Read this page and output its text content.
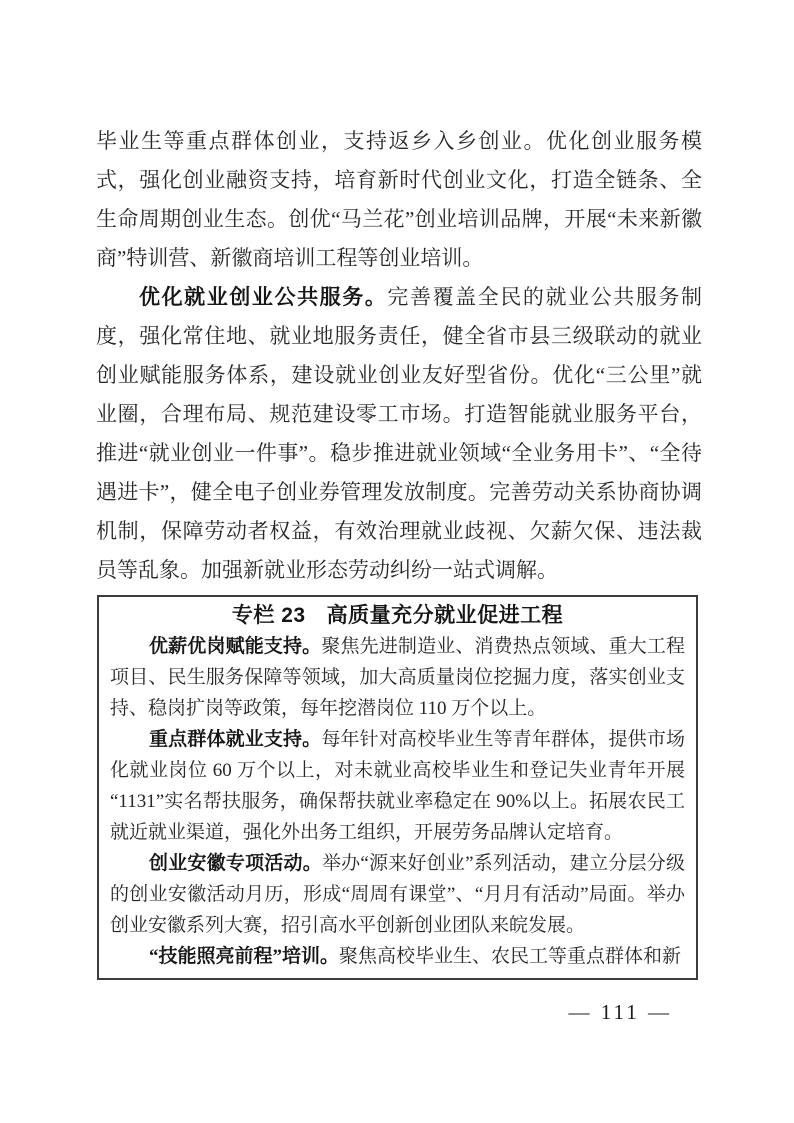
毕业生等重点群体创业，支持返乡入乡创业。优化创业服务模式，强化创业融资支持，培育新时代创业文化，打造全链条、全生命周期创业生态。创优“马兰花”创业培训品牌，开展“未来新徽商”特训营、新徽商培训工程等创业培训。

优化就业创业公共服务。完善覆盖全民的就业公共服务制度，强化常住地、就业地服务责任，健全省市县三级联动的就业创业赋能服务体系，建设就业创业友好型省份。优化“三公里”就业圈，合理布局、规范建设零工市场。打造智能就业服务平台，推进“就业创业一件事”。稳步推进就业领域“全业务用卡”、“全待遇进卡”，健全电子创业券管理发放制度。完善劳动关系协商协调机制，保障劳动者权益，有效治理就业歧视、欠薪欠保、违法裁员等乱象。加强新就业形态劳动纠纷一站式调解。

专栏 23 高质量充分就业促进工程

优薪优岗赋能支持。聚焦先进制造业、消费热点领域、重大工程项目、民生服务保障等领域，加大高质量岗位挖掘力度，落实创业支持、稳岗扩岗等政策，每年挖潜岗位 110 万个以上。

重点群体就业支持。每年针对高校毕业生等青年群体，提供市场化就业岗位 60 万个以上，对未就业高校毕业生和登记失业青年开展“1131”实名帮扶服务，确保帮扶就业率稳定在 90%以上。拓展农民工就近就业渠道，强化外出务工组织，开展劳务品牌认定培育。

创业安徽专项活动。举办“源来好创业”系列活动，建立分层分级的创业安徽活动月历，形成“周周有课堂”、“月月有活动”局面。举办创业安徽系列大赛，招引高水平创新创业团队来皖发展。

“技能照亮前程”培训。聚焦高校毕业生、农民工等重点群体和新

— 111 —
